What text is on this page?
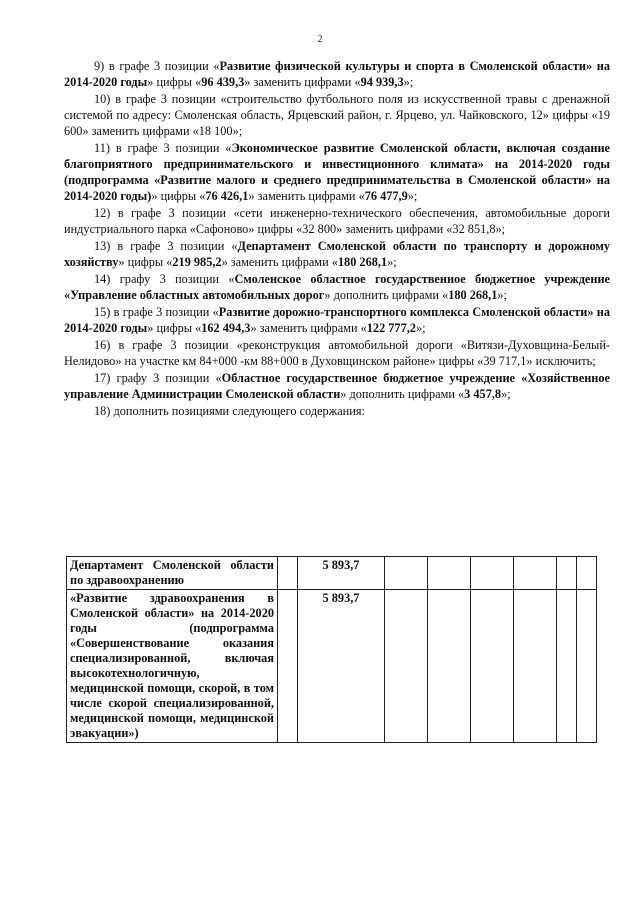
2

9) в графе 3 позиции «Развитие физической культуры и спорта в Смоленской области» на 2014-2020 годы» цифры «96 439,3» заменить цифрами «94 939,3»;

10) в графе 3 позиции «строительство футбольного поля из искусственной травы с дренажной системой по адресу: Смоленская область, Ярцевский район, г. Ярцево, ул. Чайковского, 12» цифры «19 600» заменить цифрами «18 100»;

11) в графе 3 позиции «Экономическое развитие Смоленской области, включая создание благоприятного предпринимательского и инвестиционного климата» на 2014-2020 годы (подпрограмма «Развитие малого и среднего предпринимательства в Смоленской области» на 2014-2020 годы)» цифры «76 426,1» заменить цифрами «76 477,9»;

12) в графе 3 позиции «сети инженерно-технического обеспечения, автомобильные дороги индустриального парка «Сафоново» цифры «32 800» заменить цифрами «32 851,8»;

13) в графе 3 позиции «Департамент Смоленской области по транспорту и дорожному хозяйству» цифры «219 985,2» заменить цифрами «180 268,1»;

14) графу 3 позиции «Смоленское областное государственное бюджетное учреждение «Управление областных автомобильных дорог» дополнить цифрами «180 268,1»;

15) в графе 3 позиции «Развитие дорожно-транспортного комплекса Смоленской области» на 2014-2020 годы» цифры «162 494,3» заменить цифрами «122 777,2»;

16) в графе 3 позиции «реконструкция автомобильной дороги «Витязи-Духовщина-Белый-Нелидово» на участке км 84+000 -км 88+000 в Духовщинском районе» цифры «39 717,1» исключить;

17) графу 3 позиции «Областное государственное бюджетное учреждение «Хозяйственное управление Администрации Смоленской области» дополнить цифрами «3 457,8»;

18) дополнить позициями следующего содержания:

Департамент Смоленской области по здравоохранению		5 893,7						
«Развитие здравоохранения в Смоленской области» на 2014-2020 годы (подпрограмма «Совершенствование оказания специализированной, включая высокотехнологичную, медицинской помощи, скорой, в том числе скорой специализированной, медицинской помощи, медицинской эвакуации»)		5 893,7						
